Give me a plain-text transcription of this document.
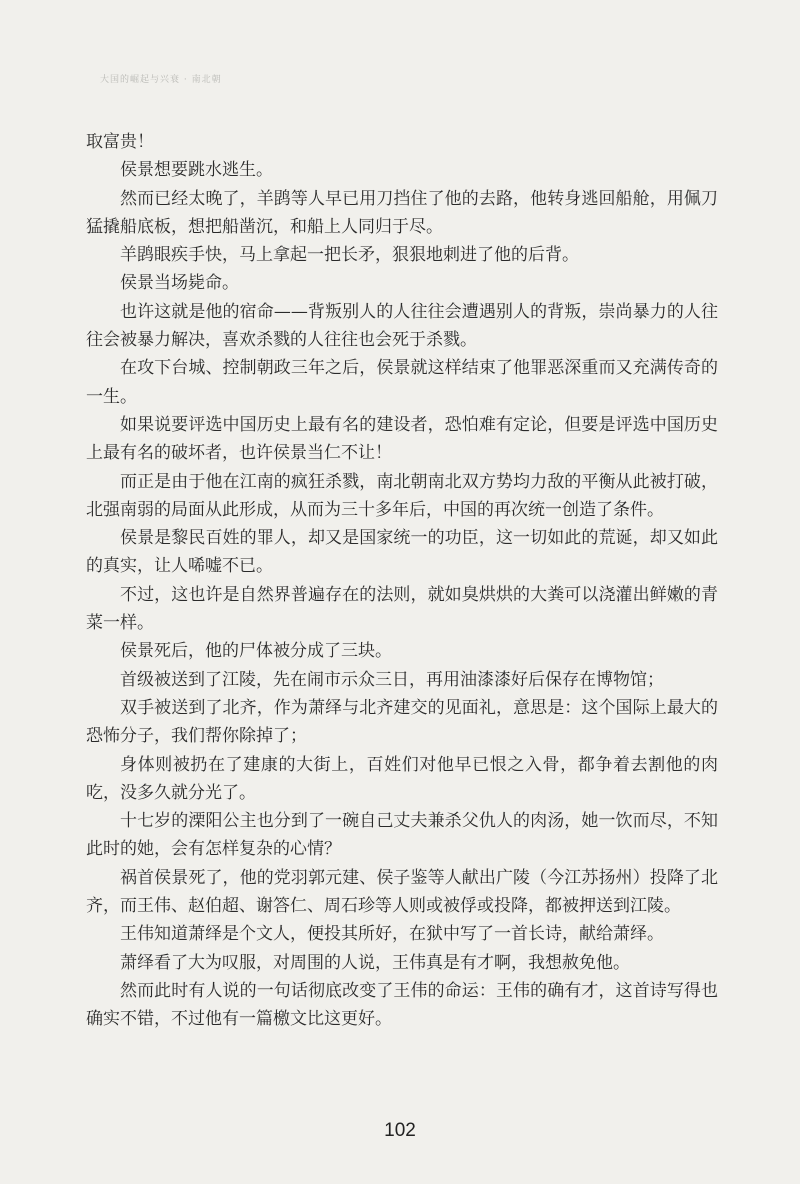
大国的崛起与兴衰 · 南北朝

取富贵！

侯景想要跳水逃生。

然而已经太晚了，羊鹍等人早已用刀挡住了他的去路，他转身逃回船舱，用佩刀猛撬船底板，想把船凿沉，和船上人同归于尽。

羊鹍眼疾手快，马上拿起一把长矛，狠狠地刺进了他的后背。

侯景当场毙命。

也许这就是他的宿命——背叛别人的人往往会遭遇别人的背叛，崇尚暴力的人往往会被暴力解决，喜欢杀戮的人往往也会死于杀戮。

在攻下台城、控制朝政三年之后，侯景就这样结束了他罪恶深重而又充满传奇的一生。

如果说要评选中国历史上最有名的建设者，恐怕难有定论，但要是评选中国历史上最有名的破坏者，也许侯景当仁不让！

而正是由于他在江南的疯狂杀戮，南北朝南北双方势均力敌的平衡从此被打破，北强南弱的局面从此形成，从而为三十多年后，中国的再次统一创造了条件。

侯景是黎民百姓的罪人，却又是国家统一的功臣，这一切如此的荒诞，却又如此的真实，让人唏嘘不已。

不过，这也许是自然界普遍存在的法则，就如臭烘烘的大粪可以浇灌出鲜嫩的青菜一样。

侯景死后，他的尸体被分成了三块。

首级被送到了江陵，先在闹市示众三日，再用油漆漆好后保存在博物馆；

双手被送到了北齐，作为萧绎与北齐建交的见面礼，意思是：这个国际上最大的恐怖分子，我们帮你除掉了；

身体则被扔在了建康的大街上，百姓们对他早已恨之入骨，都争着去割他的肉吃，没多久就分光了。

十七岁的溧阳公主也分到了一碗自己丈夫兼杀父仇人的肉汤，她一饮而尽，不知此时的她，会有怎样复杂的心情？

祸首侯景死了，他的党羽郭元建、侯子鉴等人献出广陵（今江苏扬州）投降了北齐，而王伟、赵伯超、谢答仁、周石珍等人则或被俘或投降，都被押送到江陵。

王伟知道萧绎是个文人，便投其所好，在狱中写了一首长诗，献给萧绎。

萧绎看了大为叹服，对周围的人说，王伟真是有才啊，我想赦免他。

然而此时有人说的一句话彻底改变了王伟的命运：王伟的确有才，这首诗写得也确实不错，不过他有一篇檄文比这更好。

102
